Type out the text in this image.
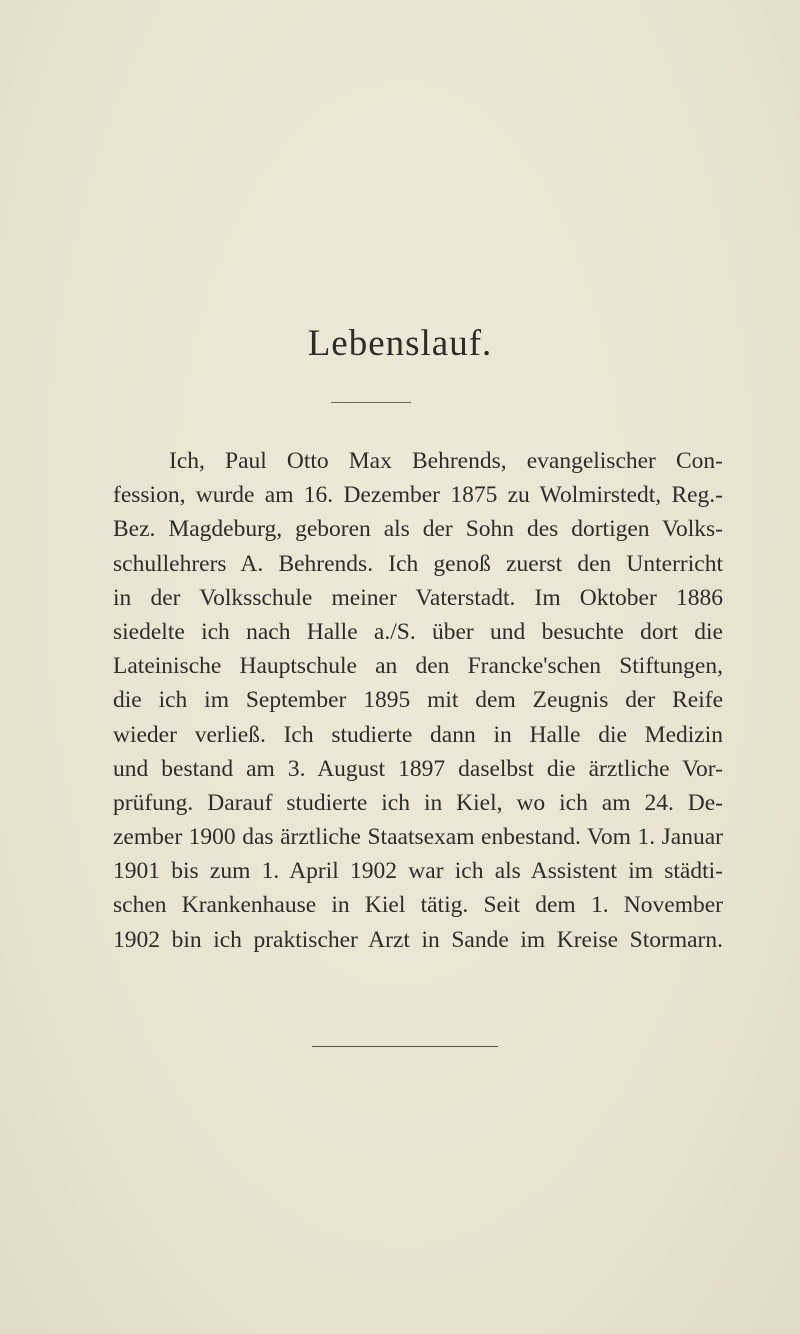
Lebenslauf.
Ich, Paul Otto Max Behrends, evangelischer Con-
fession, wurde am 16. Dezember 1875 zu Wolmirstedt, Reg.-
Bez. Magdeburg, geboren als der Sohn des dortigen Volks-
schullehrers A. Behrends. Ich genoß zuerst den Unterricht
in der Volksschule meiner Vaterstadt. Im Oktober 1886
siedelte ich nach Halle a./S. über und besuchte dort die
Lateinische Hauptschule an den Francke'schen Stiftungen,
die ich im September 1895 mit dem Zeugnis der Reife
wieder verließ. Ich studierte dann in Halle die Medizin
und bestand am 3. August 1897 daselbst die ärztliche Vor-
prüfung. Darauf studierte ich in Kiel, wo ich am 24. De-
zember 1900 das ärztliche Staatsexam enbestand. Vom 1. Januar
1901 bis zum 1. April 1902 war ich als Assistent im städti-
schen Krankenhause in Kiel tätig. Seit dem 1. November
1902 bin ich praktischer Arzt in Sande im Kreise Stormarn.
